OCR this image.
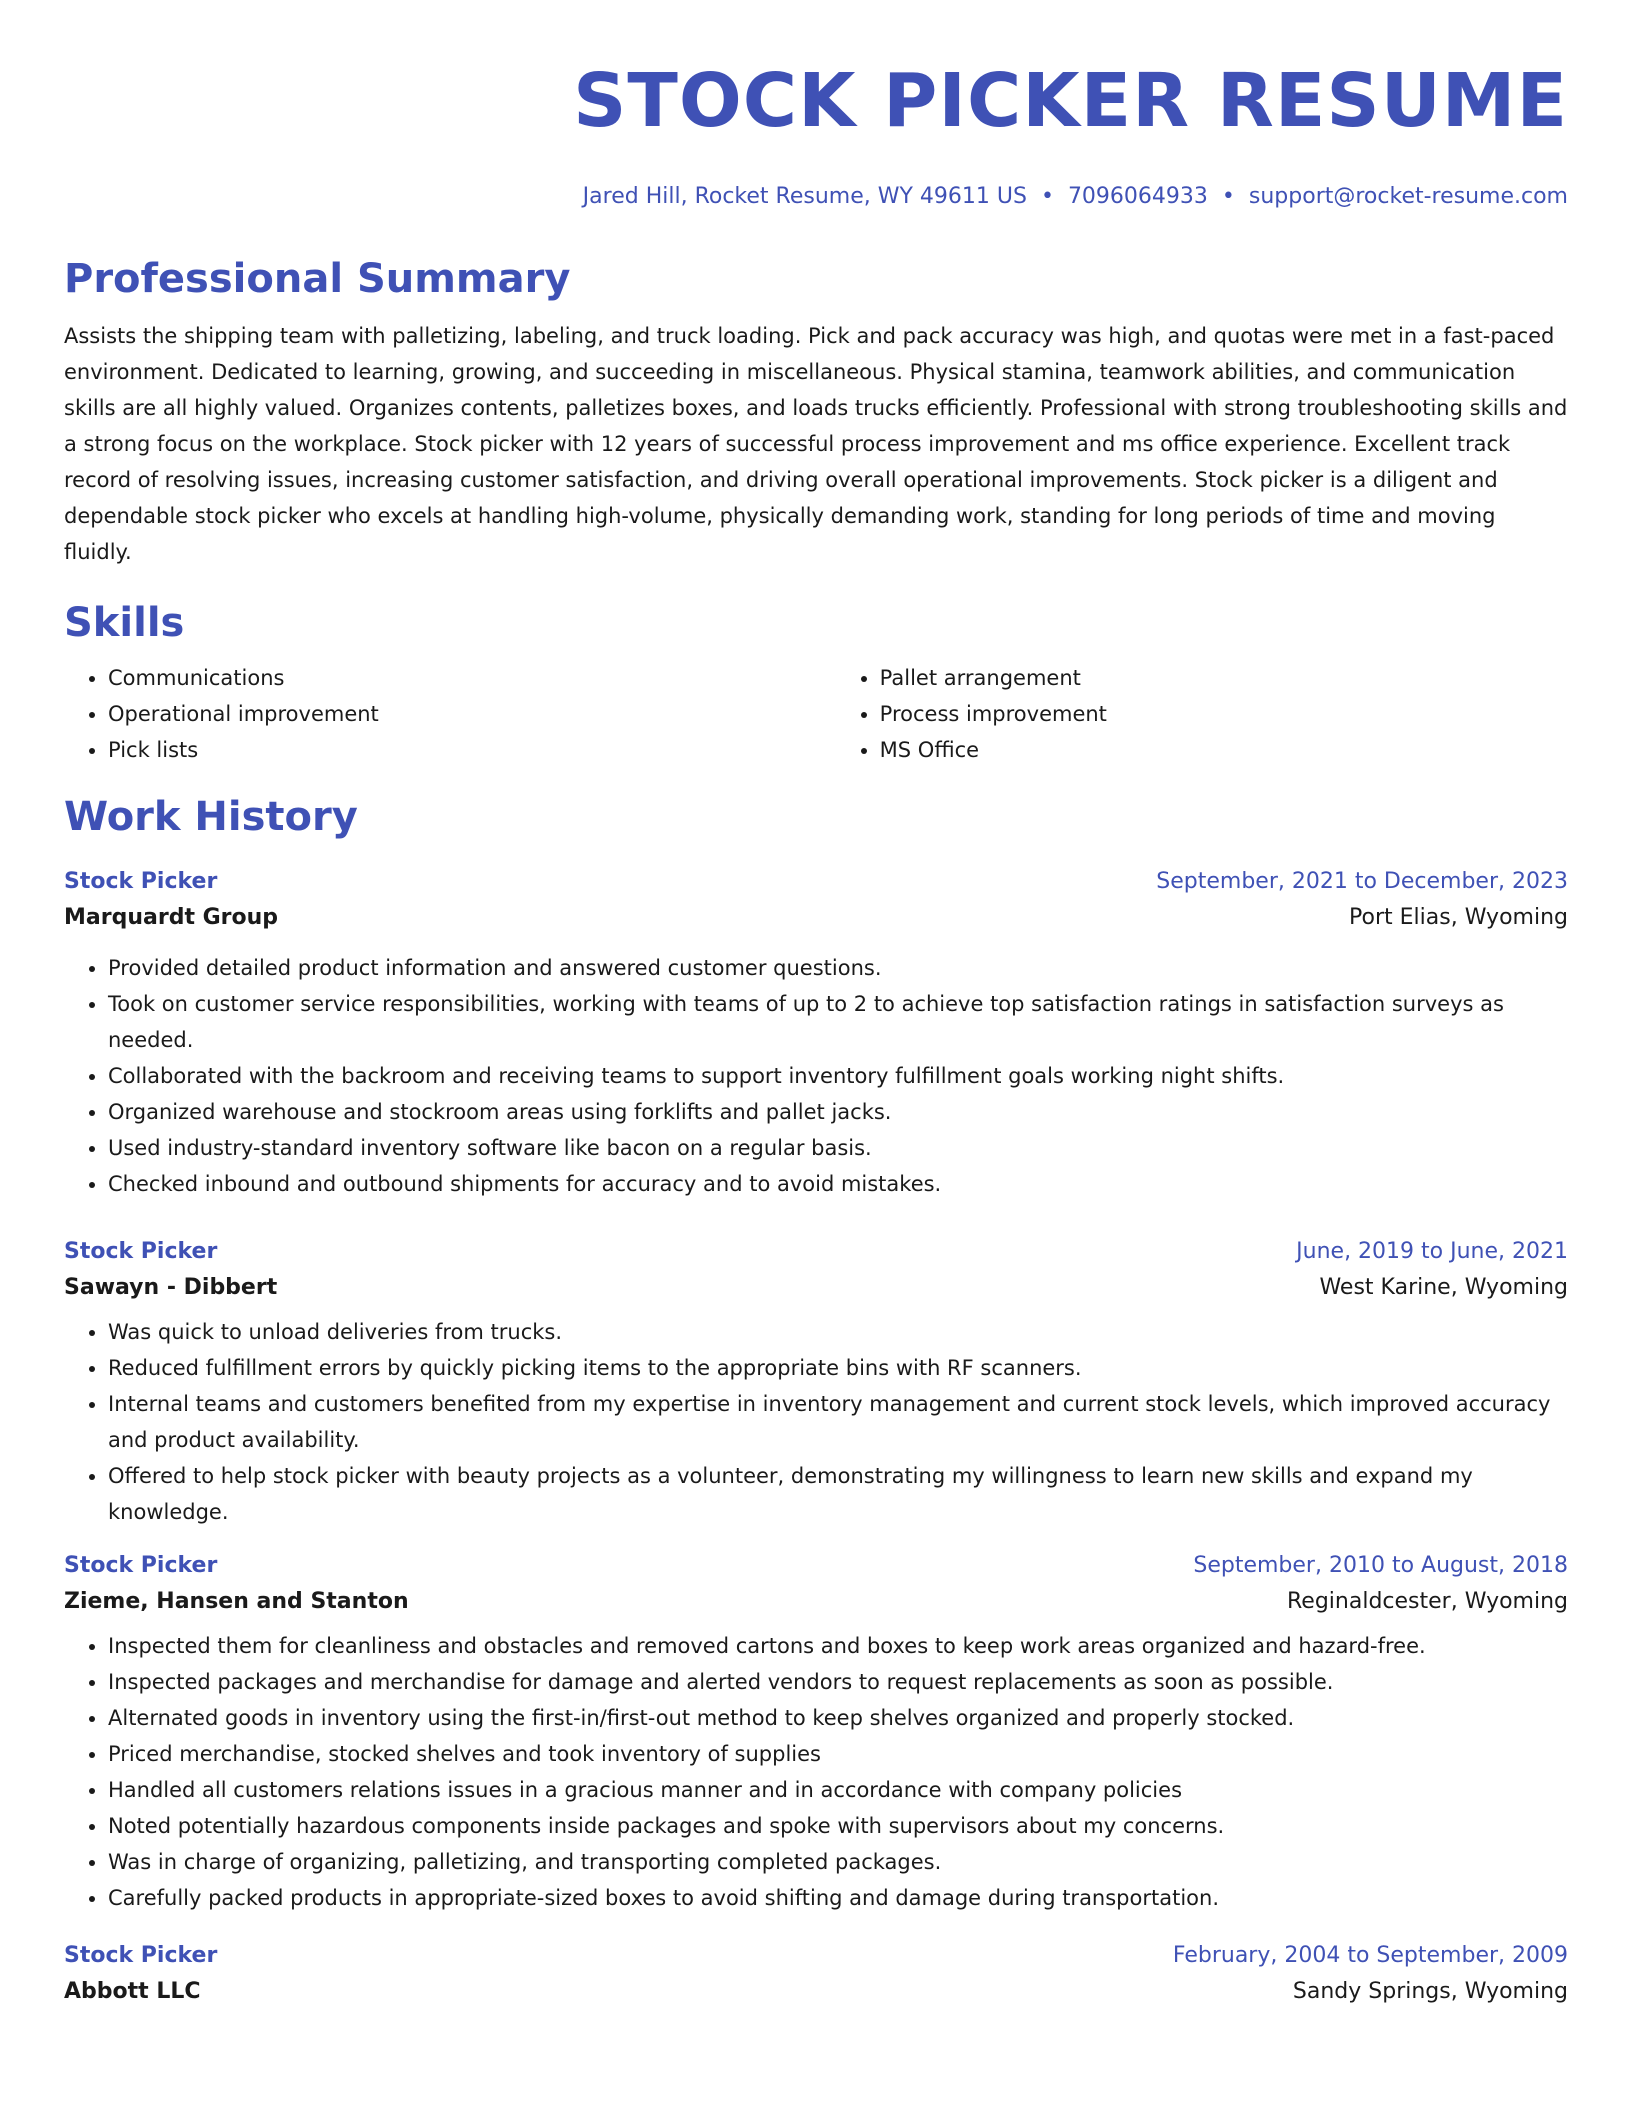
STOCK PICKER RESUME
Jared Hill, Rocket Resume, WY 49611 US • 7096064933 • support@rocket-resume.com
Professional Summary
Assists the shipping team with palletizing, labeling, and truck loading. Pick and pack accuracy was high, and quotas were met in a fast-paced environment. Dedicated to learning, growing, and succeeding in miscellaneous. Physical stamina, teamwork abilities, and communication skills are all highly valued. Organizes contents, palletizes boxes, and loads trucks efficiently. Professional with strong troubleshooting skills and a strong focus on the workplace. Stock picker with 12 years of successful process improvement and ms office experience. Excellent track record of resolving issues, increasing customer satisfaction, and driving overall operational improvements. Stock picker is a diligent and dependable stock picker who excels at handling high-volume, physically demanding work, standing for long periods of time and moving fluidly.
Skills
• Communications
• Operational improvement
• Pick lists
• Pallet arrangement
• Process improvement
• MS Office
Work History
Stock Picker	September, 2021 to December, 2023
Marquardt Group	Port Elias, Wyoming
• Provided detailed product information and answered customer questions.
• Took on customer service responsibilities, working with teams of up to 2 to achieve top satisfaction ratings in satisfaction surveys as needed.
• Collaborated with the backroom and receiving teams to support inventory fulfillment goals working night shifts.
• Organized warehouse and stockroom areas using forklifts and pallet jacks.
• Used industry-standard inventory software like bacon on a regular basis.
• Checked inbound and outbound shipments for accuracy and to avoid mistakes.
Stock Picker	June, 2019 to June, 2021
Sawayn - Dibbert	West Karine, Wyoming
• Was quick to unload deliveries from trucks.
• Reduced fulfillment errors by quickly picking items to the appropriate bins with RF scanners.
• Internal teams and customers benefited from my expertise in inventory management and current stock levels, which improved accuracy and product availability.
• Offered to help stock picker with beauty projects as a volunteer, demonstrating my willingness to learn new skills and expand my knowledge.
Stock Picker	September, 2010 to August, 2018
Zieme, Hansen and Stanton	Reginaldcester, Wyoming
• Inspected them for cleanliness and obstacles and removed cartons and boxes to keep work areas organized and hazard-free.
• Inspected packages and merchandise for damage and alerted vendors to request replacements as soon as possible.
• Alternated goods in inventory using the first-in/first-out method to keep shelves organized and properly stocked.
• Priced merchandise, stocked shelves and took inventory of supplies
• Handled all customers relations issues in a gracious manner and in accordance with company policies
• Noted potentially hazardous components inside packages and spoke with supervisors about my concerns.
• Was in charge of organizing, palletizing, and transporting completed packages.
• Carefully packed products in appropriate-sized boxes to avoid shifting and damage during transportation.
Stock Picker	February, 2004 to September, 2009
Abbott LLC	Sandy Springs, Wyoming
